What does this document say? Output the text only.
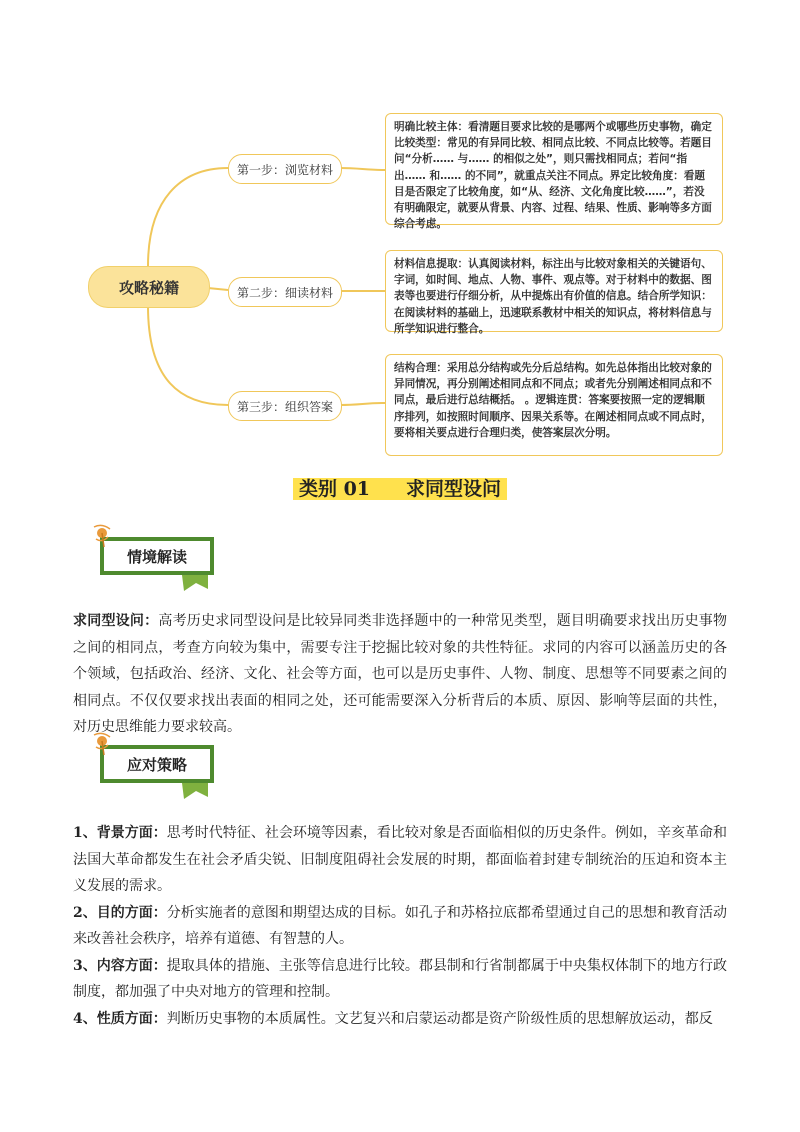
攻略秘籍
第一步：浏览材料
第二步：细读材料
第三步：组织答案

明确比较主体：看清题目要求比较的是哪两个或哪些历史事物，确定比较类型：常见的有异同比较、相同点比较、不同点比较等。若题目问“分析…… 与…… 的相似之处”，则只需找相同点；若问“指出…… 和…… 的不同”，就重点关注不同点。界定比较角度：看题目是否限定了比较角度，如“从、经济、文化角度比较……”，若没有明确限定，就要从背景、内容、过程、结果、性质、影响等多方面综合考虑。

材料信息提取：认真阅读材料，标注出与比较对象相关的关键语句、字词，如时间、地点、人物、事件、观点等。对于材料中的数据、图表等也要进行仔细分析，从中提炼出有价值的信息。结合所学知识：在阅读材料的基础上，迅速联系教材中相关的知识点，将材料信息与所学知识进行整合。

结构合理：采用总分结构或先分后总结构。如先总体指出比较对象的异同情况，再分别阐述相同点和不同点；或者先分别阐述相同点和不同点，最后进行总结概括。 。逻辑连贯：答案要按照一定的逻辑顺序排列，如按照时间顺序、因果关系等。在阐述相同点或不同点时，要将相关要点进行合理归类，使答案层次分明。

类别 01 求同型设问
情境解读
求同型设问：高考历史求同型设问是比较异同类非选择题中的一种常见类型，题目明确要求找出历史事物之间的相同点，考查方向较为集中，需要专注于挖掘比较对象的共性特征。求同的内容可以涵盖历史的各个领域，包括政治、经济、文化、社会等方面，也可以是历史事件、人物、制度、思想等不同要素之间的相同点。不仅仅要求找出表面的相同之处，还可能需要深入分析背后的本质、原因、影响等层面的共性，对历史思维能力要求较高。
应对策略
1、背景方面：思考时代特征、社会环境等因素，看比较对象是否面临相似的历史条件。例如，辛亥革命和法国大革命都发生在社会矛盾尖锐、旧制度阻碍社会发展的时期，都面临着封建专制统治的压迫和资本主义发展的需求。
2、目的方面：分析实施者的意图和期望达成的目标。如孔子和苏格拉底都希望通过自己的思想和教育活动来改善社会秩序，培养有道德、有智慧的人。
3、内容方面：提取具体的措施、主张等信息进行比较。郡县制和行省制都属于中央集权体制下的地方行政制度，都加强了中央对地方的管理和控制。
4、性质方面：判断历史事物的本质属性。文艺复兴和启蒙运动都是资产阶级性质的思想解放运动，都反
